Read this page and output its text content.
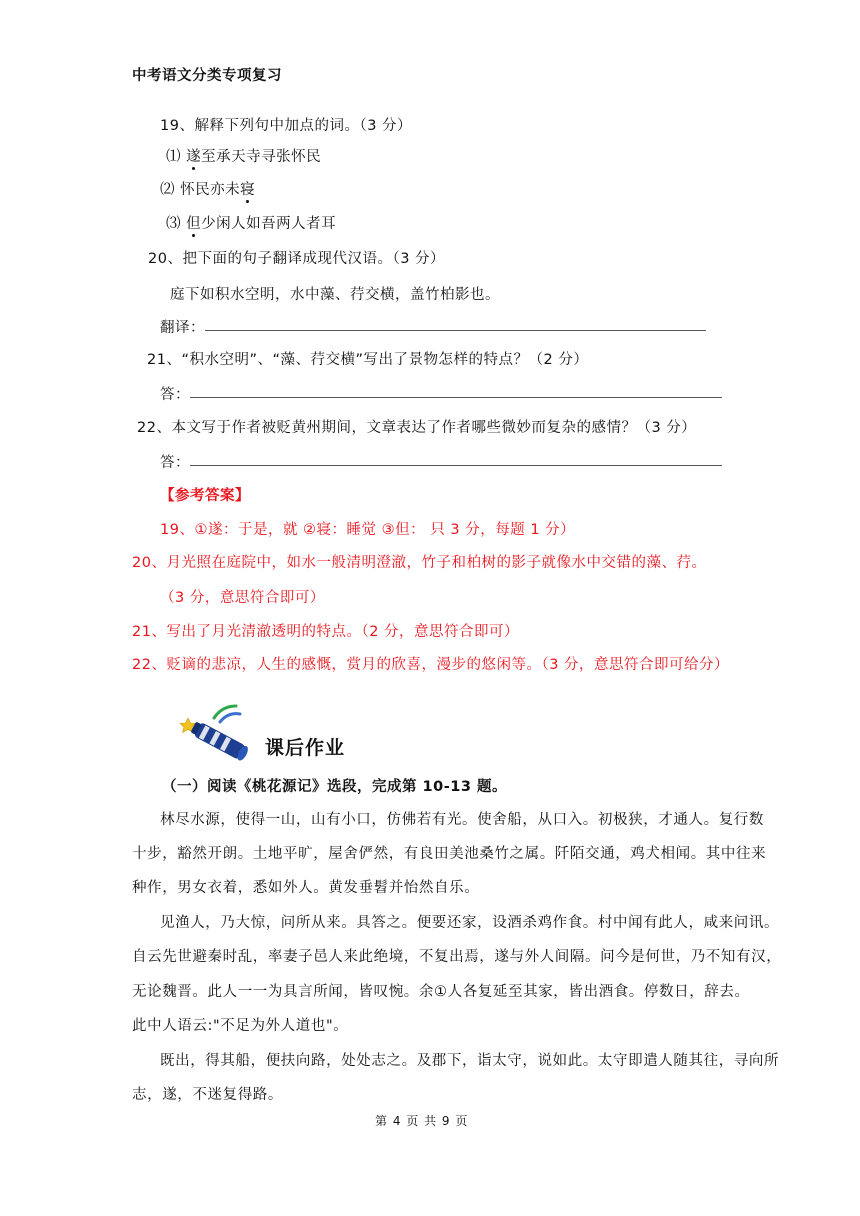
中考语文分类专项复习
19、解释下列句中加点的词。（3 分）
⑴ 遂至承天寺寻张怀民
⑵ 怀民亦未寝
⑶ 但少闲人如吾两人者耳
20、把下面的句子翻译成现代汉语。（3 分）
庭下如积水空明，水中藻、荇交横，盖竹柏影也。
翻译：
21、“积水空明”、“藻、荇交横”写出了景物怎样的特点？（2 分）
答：
22、本文写于作者被贬黄州期间，文章表达了作者哪些微妙而复杂的感情？（3 分）
答：
【参考答案】
19、①遂：于是，就 ②寝：睡觉 ③但： 只 3 分，每题 1 分）
20、月光照在庭院中，如水一般清明澄澈，竹子和柏树的影子就像水中交错的藻、荇。
（3 分，意思符合即可）
21、写出了月光清澈透明的特点。（2 分，意思符合即可）
22、贬谪的悲凉，人生的感慨，赏月的欣喜，漫步的悠闲等。（3 分，意思符合即可给分）
课后作业
（一）阅读《桃花源记》选段，完成第 10-13 题。
林尽水源，使得一山，山有小口，仿佛若有光。使舍船，从口入。初极狭，才通人。复行数
十步，豁然开朗。土地平旷，屋舍俨然，有良田美池桑竹之属。阡陌交通，鸡犬相闻。其中往来
种作，男女衣着，悉如外人。黄发垂髫并怡然自乐。
见渔人，乃大惊，问所从来。具答之。便要还家，设酒杀鸡作食。村中闻有此人，咸来问讯。
自云先世避秦时乱，率妻子邑人来此绝境，不复出焉，遂与外人间隔。问今是何世，乃不知有汉，
无论魏晋。此人一一为具言所闻，皆叹惋。余①人各复延至其家，皆出酒食。停数日，辞去。
此中人语云:"不足为外人道也"。
既出，得其船，便扶向路，处处志之。及郡下，诣太守，说如此。太守即遣人随其往，寻向所
志，遂，不迷复得路。
第 4 页 共 9 页
